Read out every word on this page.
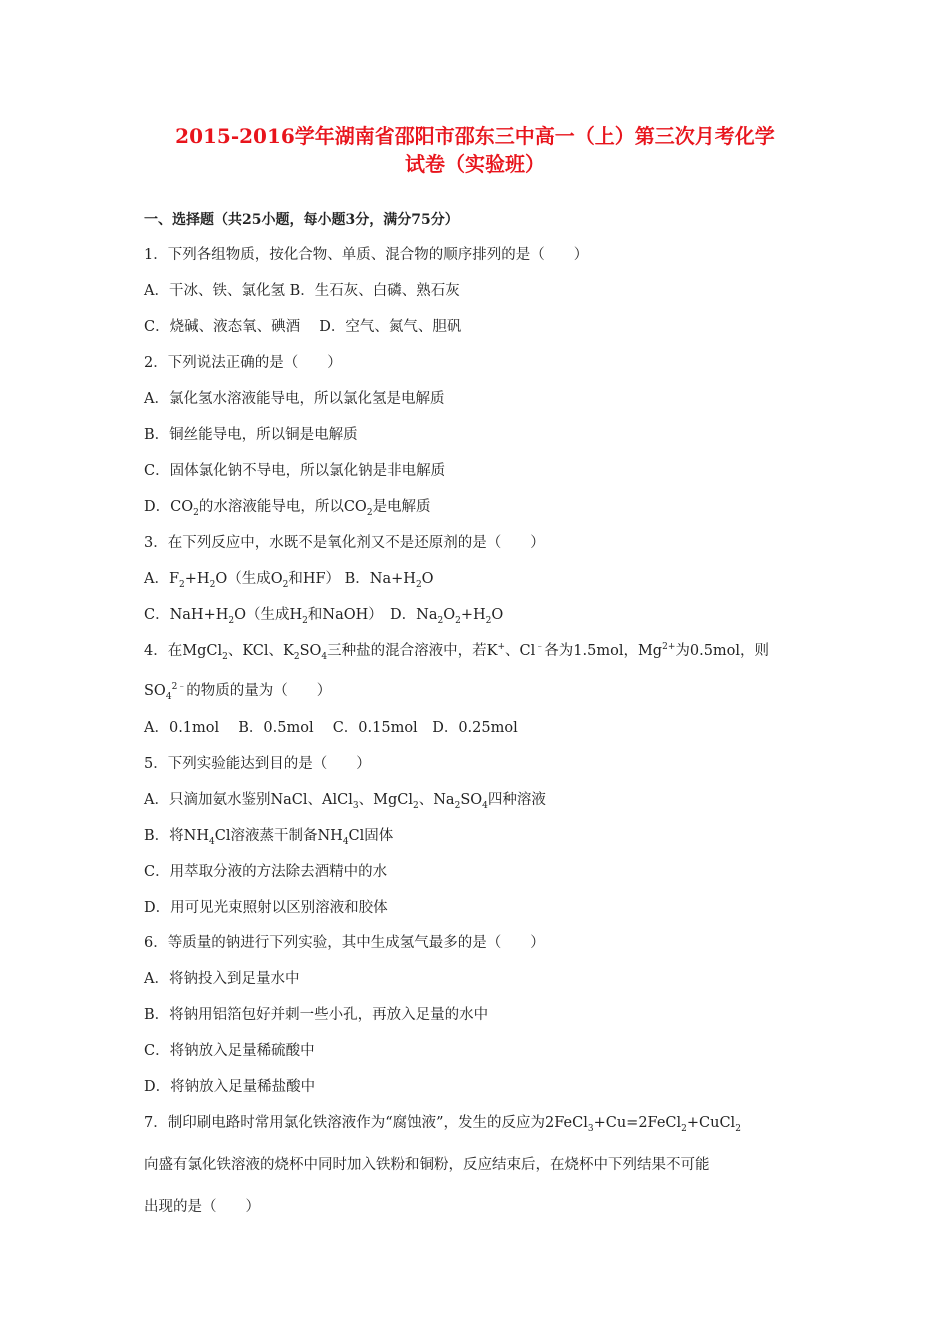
2015-2016学年湖南省邵阳市邵东三中高一（上）第三次月考化学
试卷（实验班）
一、选择题（共25小题，每小题3分，满分75分）
1．下列各组物质，按化合物、单质、混合物的顺序排列的是（　　）
A．干冰、铁、氯化氢 B．生石灰、白磷、熟石灰
C．烧碱、液态氧、碘酒　 D．空气、氮气、胆矾
2．下列说法正确的是（　　）
A．氯化氢水溶液能导电，所以氯化氢是电解质
B．铜丝能导电，所以铜是电解质
C．固体氯化钠不导电，所以氯化钠是非电解质
D．$CO_2$的水溶液能导电，所以$CO_2$是电解质
3．在下列反应中，水既不是氧化剂又不是还原剂的是（　　）
A．$F_2+H_2O$（生成$O_2$和HF） B．$Na+H_2O$
C．$NaH+H_2O$（生成$H_2$和NaOH）　D．$Na_2O_2+H_2O$
4．在MgCl$_2$、KCl、$K_2SO_4$三种盐的混合溶液中，若K+、Cl﹣各为1.5mol，$Mg^{2+}$为0.5mol，则
$SO_4^{2﹣}$的物质的量为（　　）
A．0.1mol　 B．0.5mol　 C．0.15mol　D．0.25mol
5．下列实验能达到目的是（　　）
A．只滴加氨水鉴别NaCl、AlCl$_3$、MgCl$_2$、$Na_2SO_4$四种溶液
B．将$NH_4Cl$溶液蒸干制备$NH_4Cl$固体
C．用萃取分液的方法除去酒精中的水
D．用可见光束照射以区别溶液和胶体
6．等质量的钠进行下列实验，其中生成氢气最多的是（　　）
A．将钠投入到足量水中
B．将钠用铝箔包好并刺一些小孔，再放入足量的水中
C．将钠放入足量稀硫酸中
D．将钠放入足量稀盐酸中
7．制印刷电路时常用氯化铁溶液作为“腐蚀液”，发生的反应为2FeCl$_3$+Cu=2FeCl$_2$+CuCl$_2$
向盛有氯化铁溶液的烧杯中同时加入铁粉和铜粉，反应结束后，在烧杯中下列结果不可能
出现的是（　　）
